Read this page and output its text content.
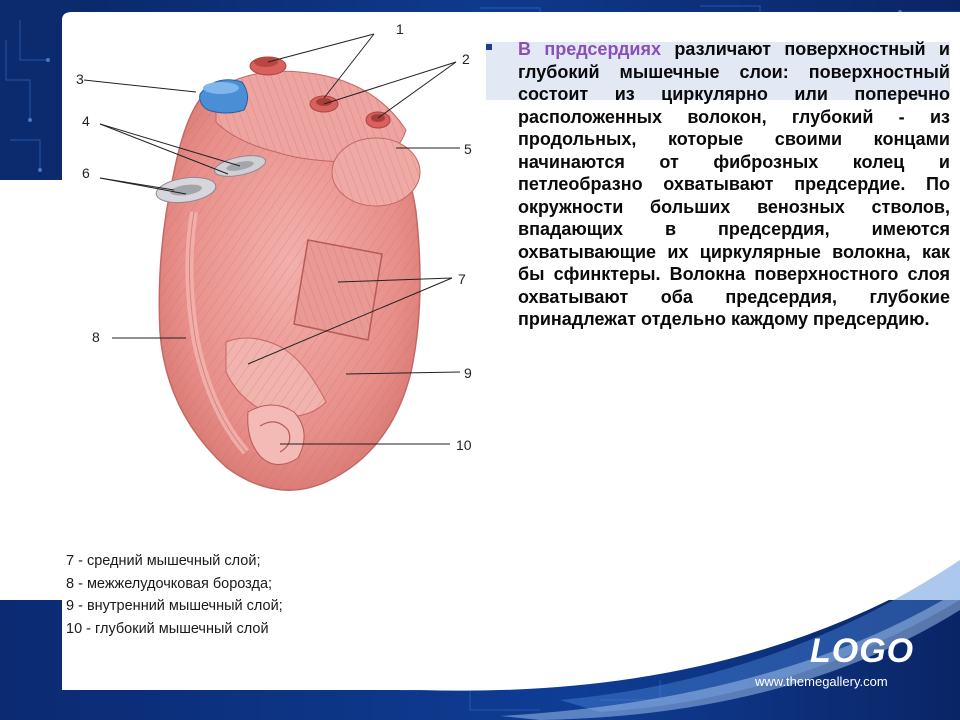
1
2
3
4
5
6
7
8
9
10

В предсердиях различают поверхностный и глубокий мышечные слои: поверхностный состоит из циркулярно или поперечно расположенных волокон, глубокий - из продольных, которые своими концами начинаются от фиброзных колец и петлеобразно охватывают предсердие. По окружности больших венозных стволов, впадающих в предсердия, имеются охватывающие их циркулярные волокна, как бы сфинктеры. Волокна поверхностного слоя охватывают оба предсердия, глубокие принадлежат отдельно каждому предсердию.

7 - средний мышечный слой;
8 - межжелудочковая борозда;
9 - внутренний мышечный слой;
10 - глубокий мышечный слой
LOGO
www.themegallery.com
